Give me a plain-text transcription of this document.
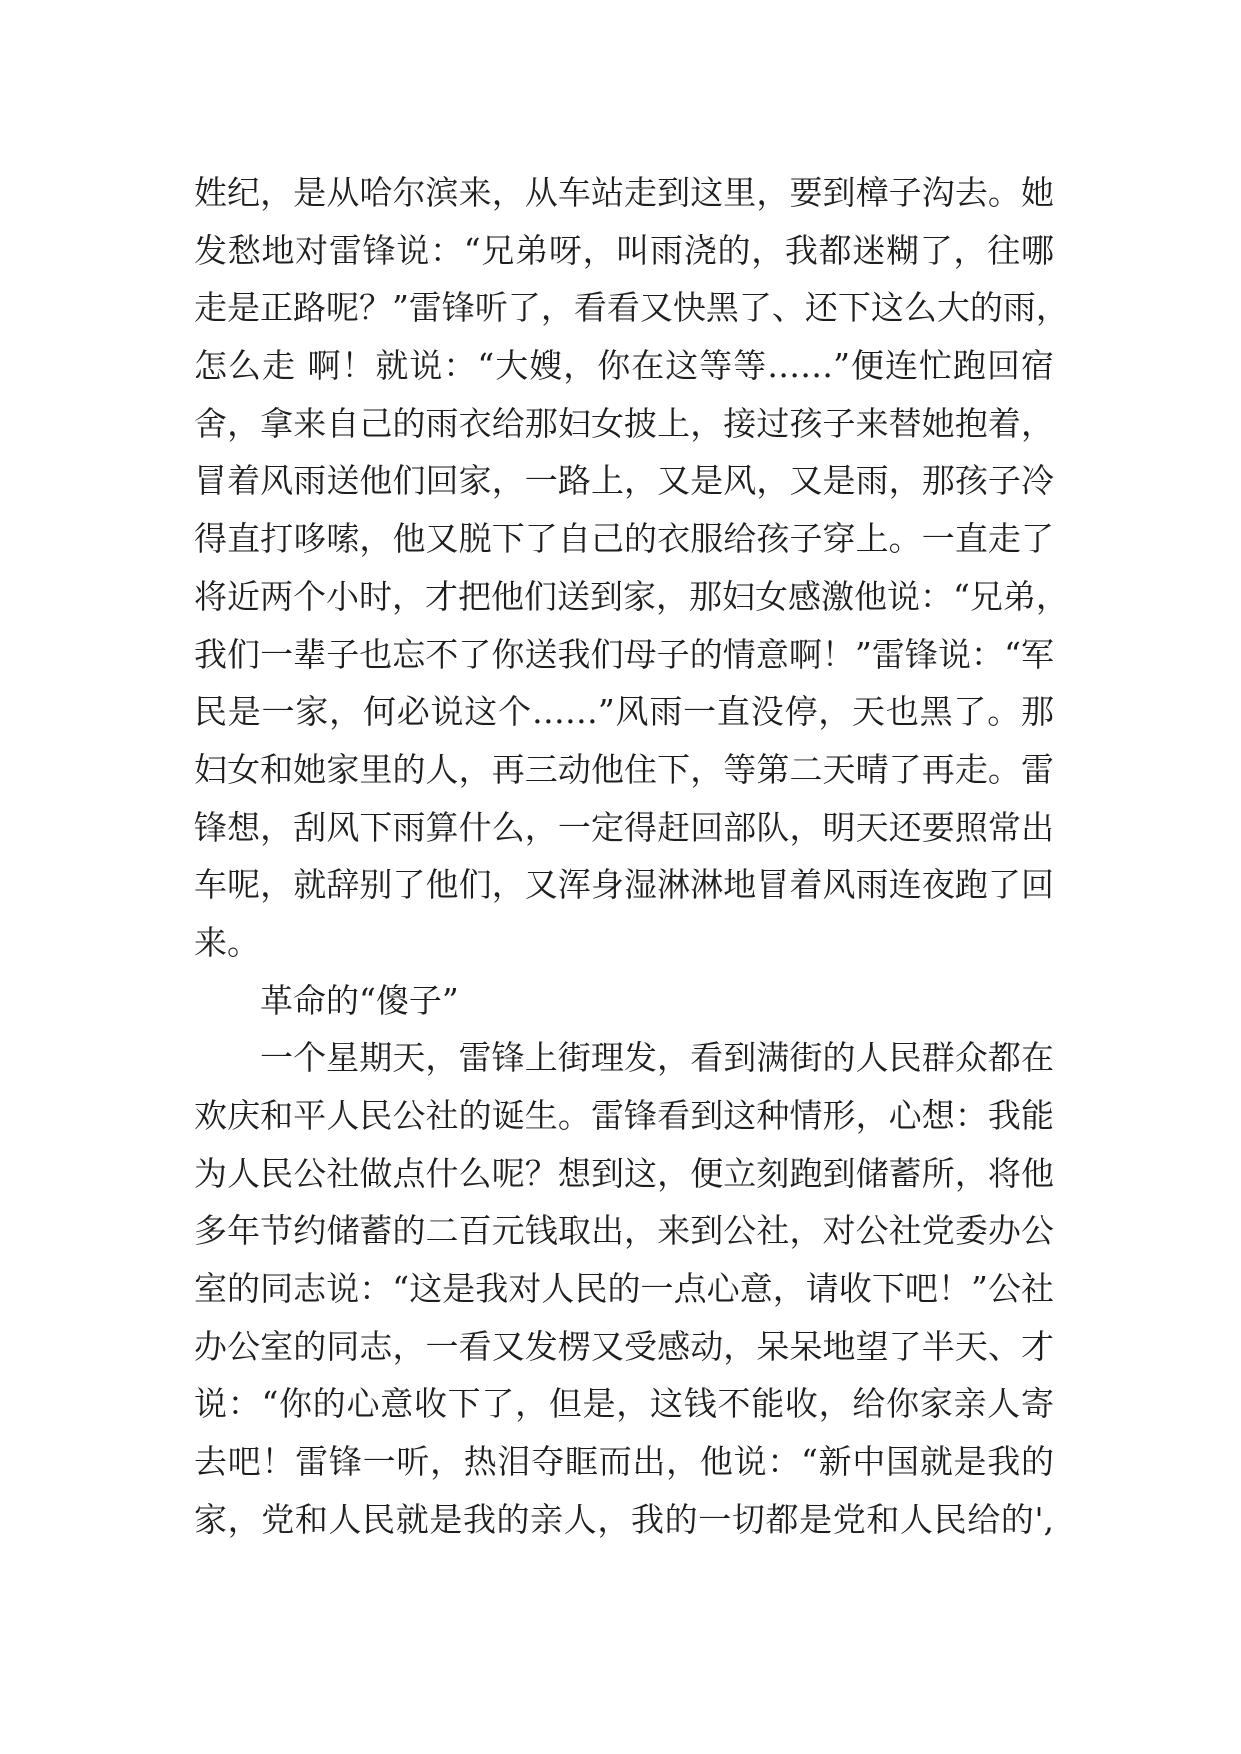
姓纪，是从哈尔滨来，从车站走到这里，要到樟子沟去。她
发愁地对雷锋说：“兄弟呀，叫雨浇的，我都迷糊了，往哪
走是正路呢？”雷锋听了，看看又快黑了、还下这么大的雨，
怎么走 啊！就说：“大嫂，你在这等等……”便连忙跑回宿
舍，拿来自己的雨衣给那妇女披上，接过孩子来替她抱着，
冒着风雨送他们回家，一路上，又是风，又是雨，那孩子冷
得直打哆嗦，他又脱下了自己的衣服给孩子穿上。一直走了
将近两个小时，才把他们送到家，那妇女感激他说：“兄弟，
我们一辈子也忘不了你送我们母子的情意啊！”雷锋说：“军
民是一家，何必说这个……”风雨一直没停，天也黑了。那
妇女和她家里的人，再三动他住下，等第二天晴了再走。雷
锋想，刮风下雨算什么，一定得赶回部队，明天还要照常出
车呢，就辞别了他们，又浑身湿淋淋地冒着风雨连夜跑了回
来。
革命的“傻子”
一个星期天，雷锋上街理发，看到满街的人民群众都在
欢庆和平人民公社的诞生。雷锋看到这种情形，心想：我能
为人民公社做点什么呢？想到这，便立刻跑到储蓄所，将他
多年节约储蓄的二百元钱取出，来到公社，对公社党委办公
室的同志说：“这是我对人民的一点心意，请收下吧！”公社
办公室的同志，一看又发楞又受感动，呆呆地望了半天、才
说：“你的心意收下了，但是，这钱不能收，给你家亲人寄
去吧！雷锋一听，热泪夺眶而出，他说：“新中国就是我的
家，党和人民就是我的亲人，我的一切都是党和人民给的',
